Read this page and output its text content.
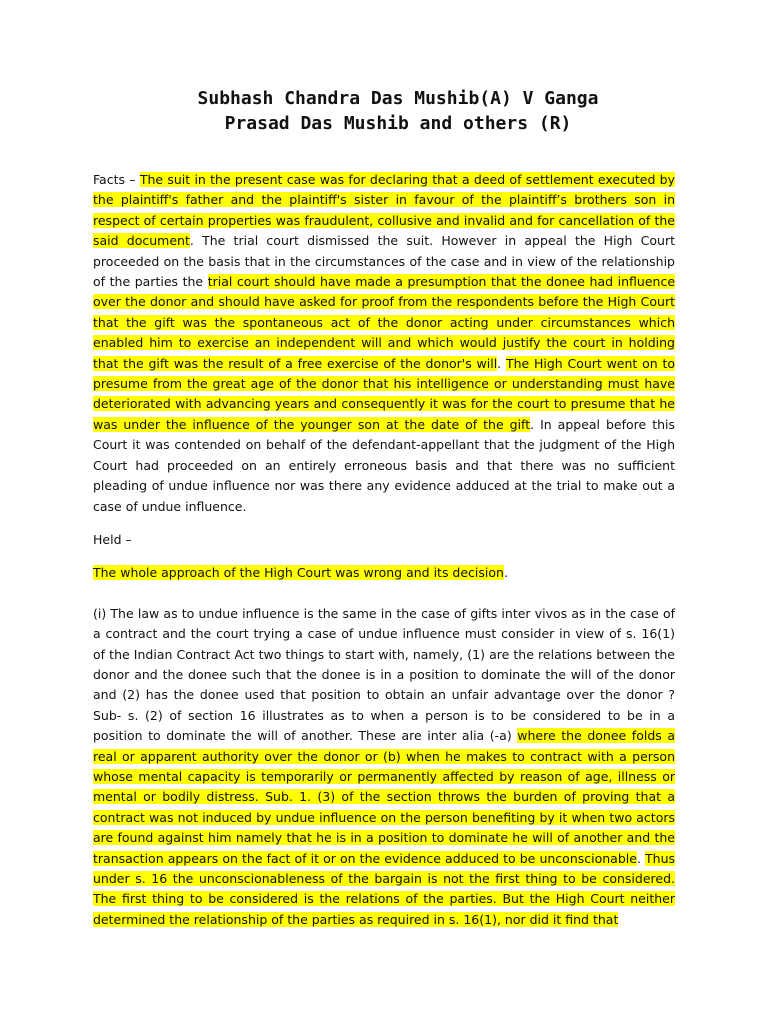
Subhash Chandra Das Mushib(A) V Ganga
Prasad Das Mushib and others (R)

Facts – The suit in the present case was for declaring that a deed of settlement executed by the plaintiff's father and the plaintiff's sister in favour of the plaintiff’s brothers son in respect of certain properties was fraudulent, collusive and invalid and for cancellation of the said document. The trial court dismissed the suit. However in appeal the High Court proceeded on the basis that in the circumstances of the case and in view of the relationship of the parties the trial court should have made a presumption that the donee had influence over the donor and should have asked for proof from the respondents before the High Court that the gift was the spontaneous act of the donor acting under circumstances which enabled him to exercise an independent will and which would justify the court in holding that the gift was the result of a free exercise of the donor's will. The High Court went on to presume from the great age of the donor that his intelligence or understanding must have deteriorated with advancing years and consequently it was for the court to presume that he was under the influence of the younger son at the date of the gift. In appeal before this Court it was contended on behalf of the defendant-appellant that the judgment of the High Court had proceeded on an entirely erroneous basis and that there was no sufficient pleading of undue influence nor was there any evidence adduced at the trial to make out a case of undue influence.

Held –

The whole approach of the High Court was wrong and its decision.

(i) The law as to undue influence is the same in the case of gifts inter vivos as in the case of a contract and the court trying a case of undue influence must consider in view of s. 16(1) of the Indian Contract Act two things to start with, namely, (1) are the relations between the donor and the donee such that the donee is in a position to dominate the will of the donor and (2) has the donee used that position to obtain an unfair advantage over the donor ? Sub- s. (2) of section 16 illustrates as to when a person is to be considered to be in a position to dominate the will of another. These are inter alia (-a) where the donee folds a real or apparent authority over the donor or (b) when he makes to contract with a person whose mental capacity is temporarily or permanently affected by reason of age, illness or mental or bodily distress. Sub. 1. (3) of the section throws the burden of proving that a contract was not induced by undue influence on the person benefiting by it when two actors are found against him namely that he is in a position to dominate he will of another and the transaction appears on the fact of it or on the evidence adduced to be unconscionable. Thus under s. 16 the unconscionableness of the bargain is not the first thing to be considered. The first thing to be considered is the relations of the parties. But the High Court neither determined the relationship of the parties as required in s. 16(1), nor did it find that
